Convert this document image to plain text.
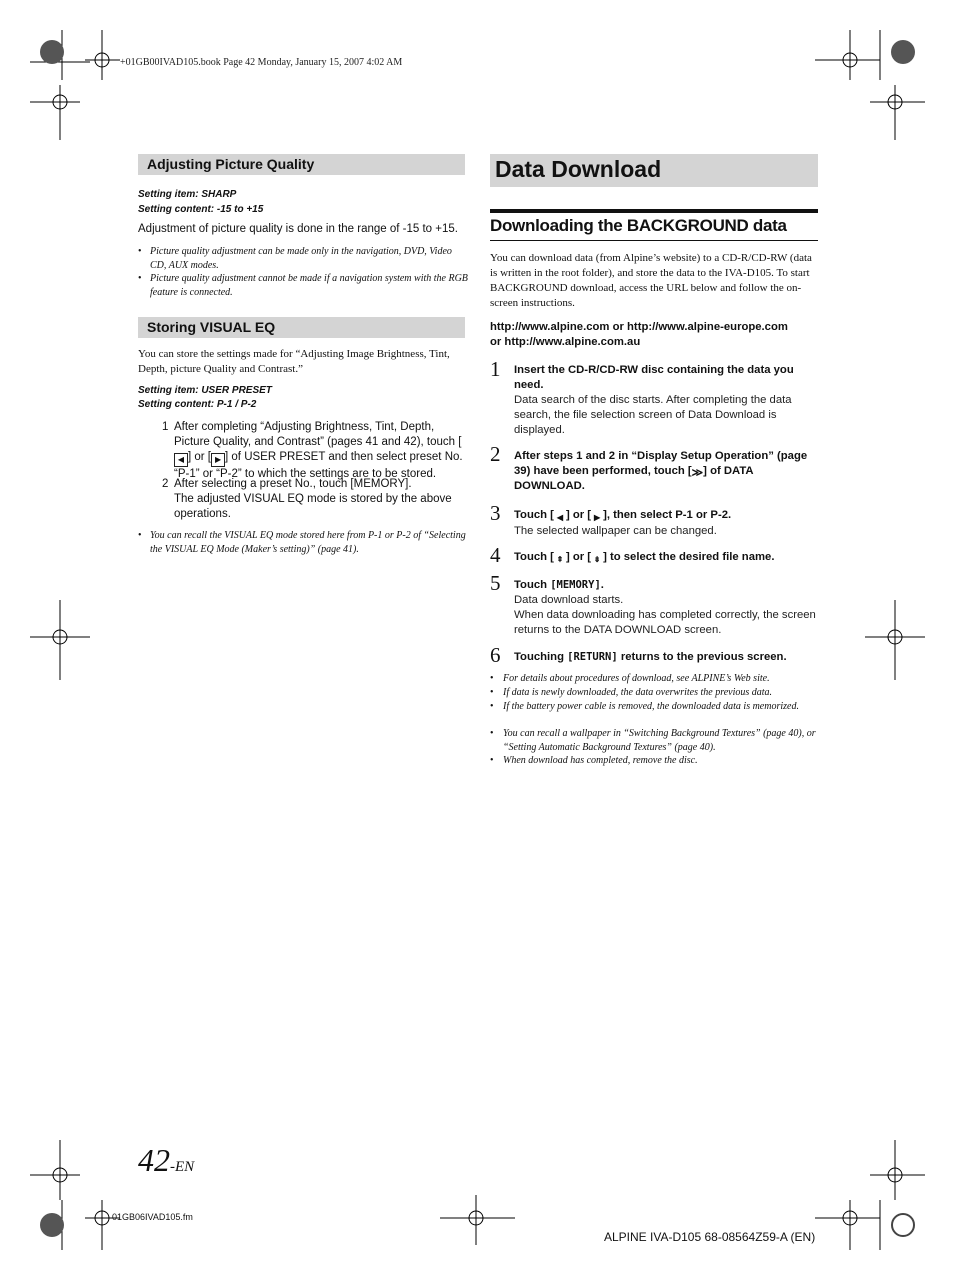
+01GB00IVAD105.book Page 42 Monday, January 15, 2007 4:02 AM
Adjusting Picture Quality
Setting item: SHARP
Setting content: -15 to +15
Adjustment of picture quality is done in the range of -15 to +15.
• Picture quality adjustment can be made only in the navigation, DVD, Video CD, AUX modes.
• Picture quality adjustment cannot be made if a navigation system with the RGB feature is connected.
Storing VISUAL EQ
You can store the settings made for “Adjusting Image Brightness, Tint, Depth, picture Quality and Contrast.”
Setting item: USER PRESET
Setting content: P-1 / P-2
1 After completing “Adjusting Brightness, Tint, Depth, Picture Quality, and Contrast” (pages 41 and 42), touch [◀ ] or [ ▶ ] of USER PRESET and then select preset No. “P-1” or “P-2” to which the settings are to be stored.
2 After selecting a preset No., touch [MEMORY].
The adjusted VISUAL EQ mode is stored by the above operations.
• You can recall the VISUAL EQ mode stored here from P-1 or P-2 of “Selecting the VISUAL EQ Mode (Maker’s setting)” (page 41).
Data Download
Downloading the BACKGROUND data
You can download data (from Alpine’s website) to a CD-R/CD-RW (data is written in the root folder), and store the data to the IVA-D105. To start BACKGROUND download, access the URL below and follow the on-screen instructions.
http://www.alpine.com or http://www.alpine-europe.com
or http://www.alpine.com.au
1 Insert the CD-R/CD-RW disc containing the data you need.
Data search of the disc starts. After completing the data search, the file selection screen of Data Download is displayed.
2 After steps 1 and 2 in “Display Setup Operation” (page 39) have been performed, touch [≫] of DATA DOWNLOAD.
3 Touch [ ◀ ] or [ ▶ ], then select P-1 or P-2.
The selected wallpaper can be changed.
4 Touch [ ⇞ ] or [ ⇟ ] to select the desired file name.
5 Touch [MEMORY].
Data download starts.
When data downloading has completed correctly, the screen returns to the DATA DOWNLOAD screen.
6 Touching [RETURN] returns to the previous screen.
• For details about procedures of download, see ALPINE’s Web site.
• If data is newly downloaded, the data overwrites the previous data.
• If the battery power cable is removed, the downloaded data is memorized.
• You can recall a wallpaper in “Switching Background Textures” (page 40), or “Setting Automatic Background Textures” (page 40).
• When download has completed, remove the disc.
42-EN
01GB06IVAD105.fm
ALPINE IVA-D105 68-08564Z59-A (EN)
